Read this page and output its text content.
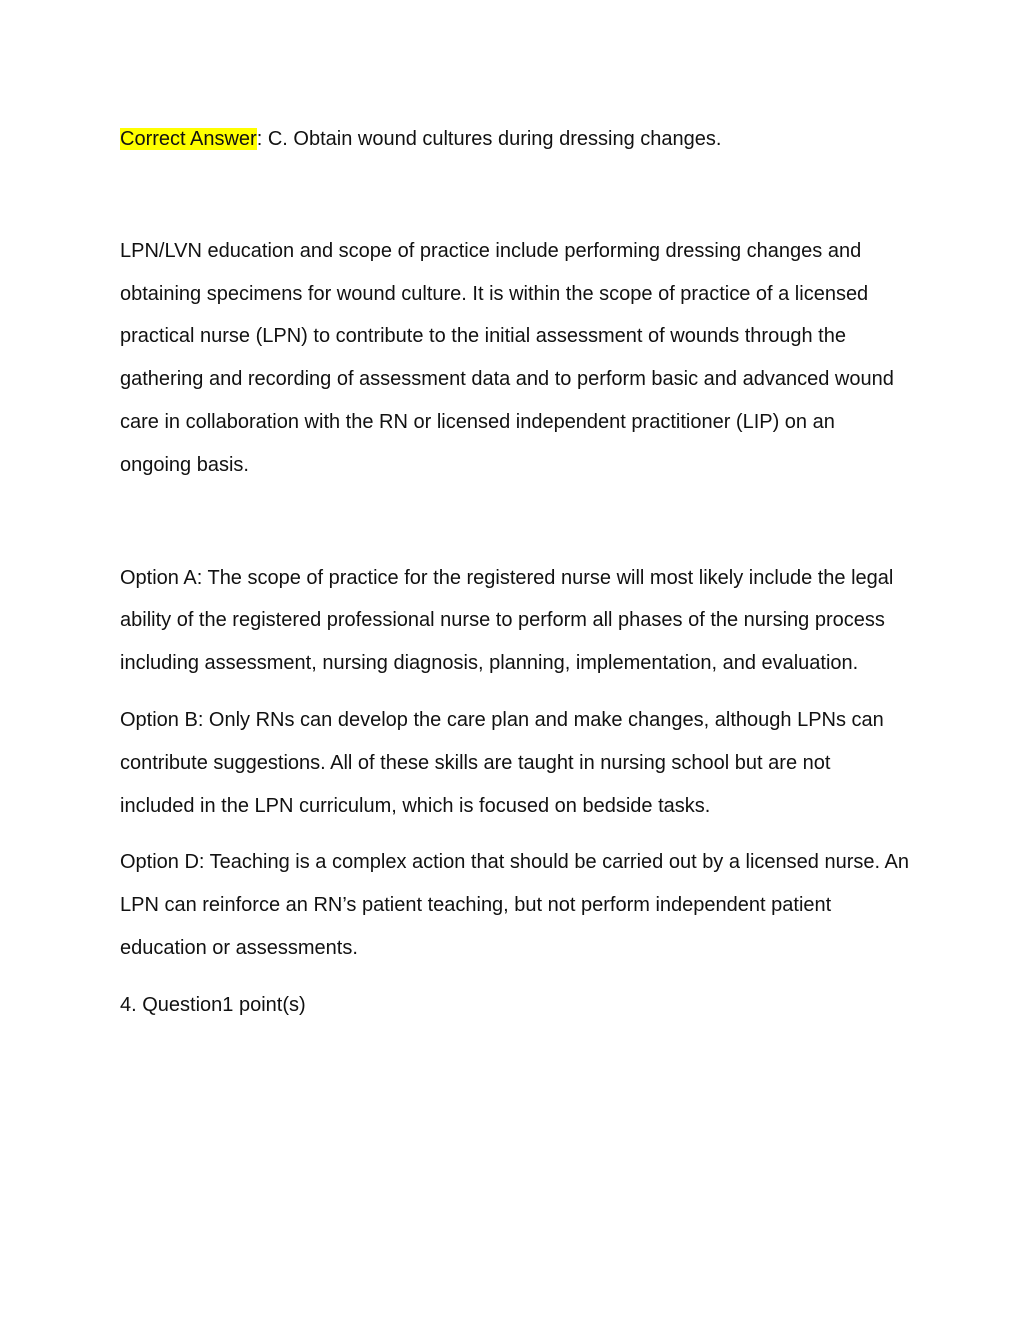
Correct Answer: C. Obtain wound cultures during dressing changes.

LPN/LVN education and scope of practice include performing dressing changes and obtaining specimens for wound culture. It is within the scope of practice of a licensed practical nurse (LPN) to contribute to the initial assessment of wounds through the gathering and recording of assessment data and to perform basic and advanced wound care in collaboration with the RN or licensed independent practitioner (LIP) on an ongoing basis.

Option A: The scope of practice for the registered nurse will most likely include the legal ability of the registered professional nurse to perform all phases of the nursing process including assessment, nursing diagnosis, planning, implementation, and evaluation.

Option B: Only RNs can develop the care plan and make changes, although LPNs can contribute suggestions. All of these skills are taught in nursing school but are not included in the LPN curriculum, which is focused on bedside tasks.

Option D: Teaching is a complex action that should be carried out by a licensed nurse. An LPN can reinforce an RN’s patient teaching, but not perform independent patient education or assessments.

4. Question1 point(s)
